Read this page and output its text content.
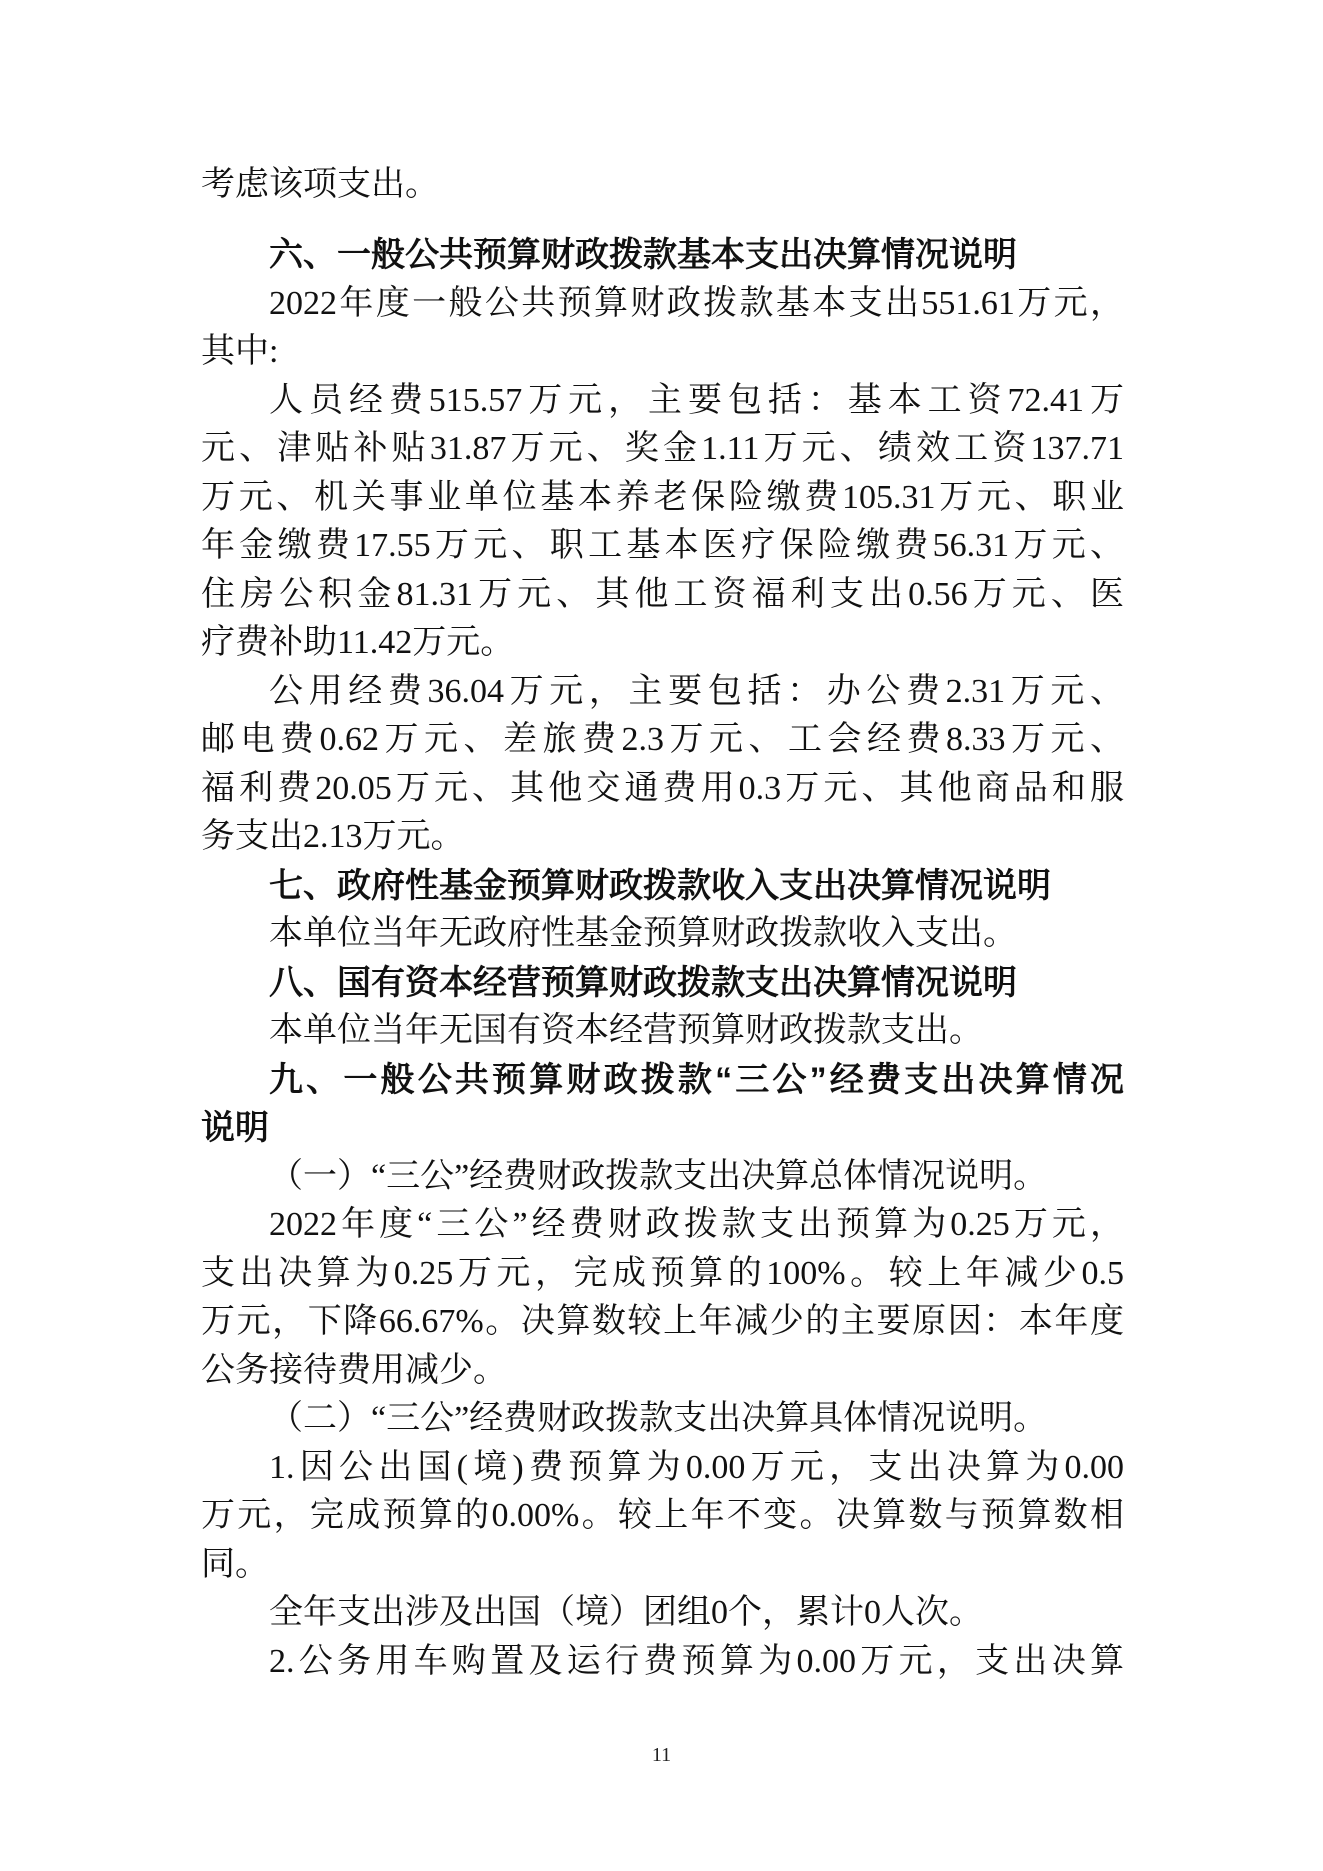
考虑该项支出。
六、一般公共预算财政拨款基本支出决算情况说明
2022年度一般公共预算财政拨款基本支出551.61万元，
其中:
人员经费515.57万元，主要包括：基本工资72.41万
元、津贴补贴31.87万元、奖金1.11万元、绩效工资137.71
万元、机关事业单位基本养老保险缴费105.31万元、职业
年金缴费17.55万元、职工基本医疗保险缴费56.31万元、
住房公积金81.31万元、其他工资福利支出0.56万元、医
疗费补助11.42万元。
公用经费36.04万元，主要包括：办公费2.31万元、
邮电费0.62万元、差旅费2.3万元、工会经费8.33万元、
福利费20.05万元、其他交通费用0.3万元、其他商品和服
务支出2.13万元。
七、政府性基金预算财政拨款收入支出决算情况说明
本单位当年无政府性基金预算财政拨款收入支出。
八、国有资本经营预算财政拨款支出决算情况说明
本单位当年无国有资本经营预算财政拨款支出。
九、一般公共预算财政拨款“三公”经费支出决算情况
说明
（一）“三公”经费财政拨款支出决算总体情况说明。
2022年度“三公”经费财政拨款支出预算为0.25万元，
支出决算为0.25万元，完成预算的100%。较上年减少0.5
万元，下降66.67%。决算数较上年减少的主要原因：本年度
公务接待费用减少。
（二）“三公”经费财政拨款支出决算具体情况说明。
1.因公出国(境)费预算为0.00万元，支出决算为0.00
万元，完成预算的0.00%。较上年不变。决算数与预算数相
同。
全年支出涉及出国（境）团组0个，累计0人次。
2.公务用车购置及运行费预算为0.00万元，支出决算
11
